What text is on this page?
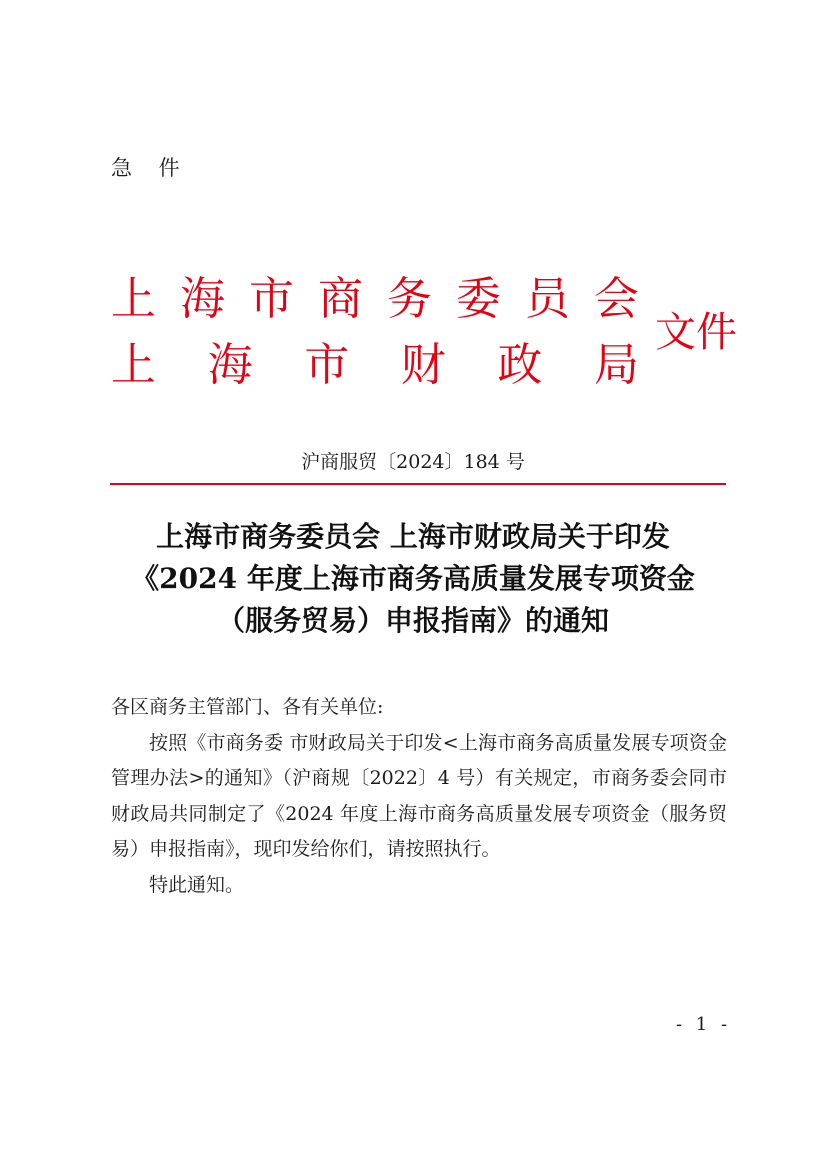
急 件
上 海 市 商 务 委 员 会
上 海 市 财 政 局
文件
沪商服贸〔2024〕184 号
上海市商务委员会 上海市财政局关于印发
《2024 年度上海市商务高质量发展专项资金
（服务贸易）申报指南》的通知

各区商务主管部门、各有关单位:

按照《市商务委 市财政局关于印发<上海市商务高质量发展专项资金管理办法>的通知》（沪商规〔2022〕4 号）有关规定，市商务委会同市财政局共同制定了《2024 年度上海市商务高质量发展专项资金（服务贸易）申报指南》，现印发给你们，请按照执行。

特此通知。

- 1 -
